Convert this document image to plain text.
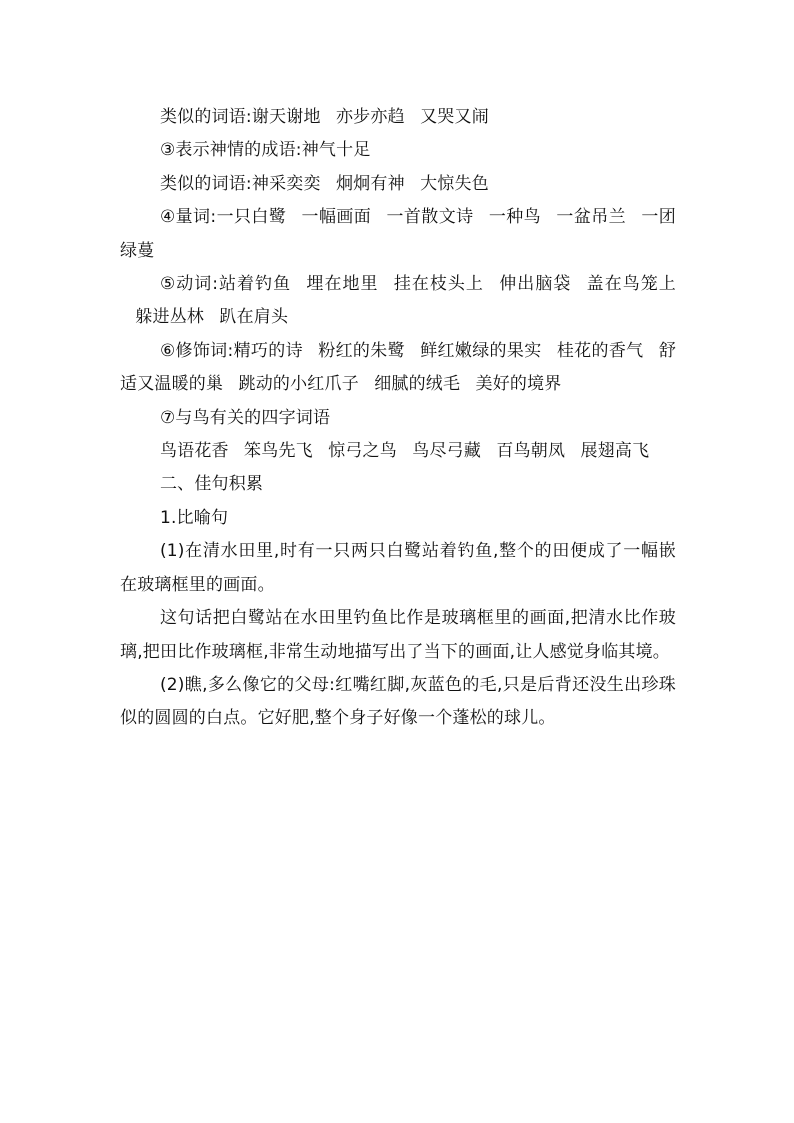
类似的词语:谢天谢地 亦步亦趋 又哭又闹

③表示神情的成语:神气十足

类似的词语:神采奕奕 炯炯有神 大惊失色

④量词:一只白鹭 一幅画面 一首散文诗 一种鸟 一盆吊兰 一团绿蔓

⑤动词:站着钓鱼 埋在地里 挂在枝头上 伸出脑袋 盖在鸟笼上躲进丛林 趴在肩头

⑥修饰词:精巧的诗 粉红的朱鹭 鲜红嫩绿的果实 桂花的香气 舒适又温暖的巢 跳动的小红爪子 细腻的绒毛 美好的境界

⑦与鸟有关的四字词语

鸟语花香 笨鸟先飞 惊弓之鸟 鸟尽弓藏 百鸟朝凤 展翅高飞

二、佳句积累

1.比喻句

(1)在清水田里,时有一只两只白鹭站着钓鱼,整个的田便成了一幅嵌在玻璃框里的画面。

这句话把白鹭站在水田里钓鱼比作是玻璃框里的画面,把清水比作玻璃,把田比作玻璃框,非常生动地描写出了当下的画面,让人感觉身临其境。

(2)瞧,多么像它的父母:红嘴红脚,灰蓝色的毛,只是后背还没生出珍珠似的圆圆的白点。它好肥,整个身子好像一个蓬松的球儿。
